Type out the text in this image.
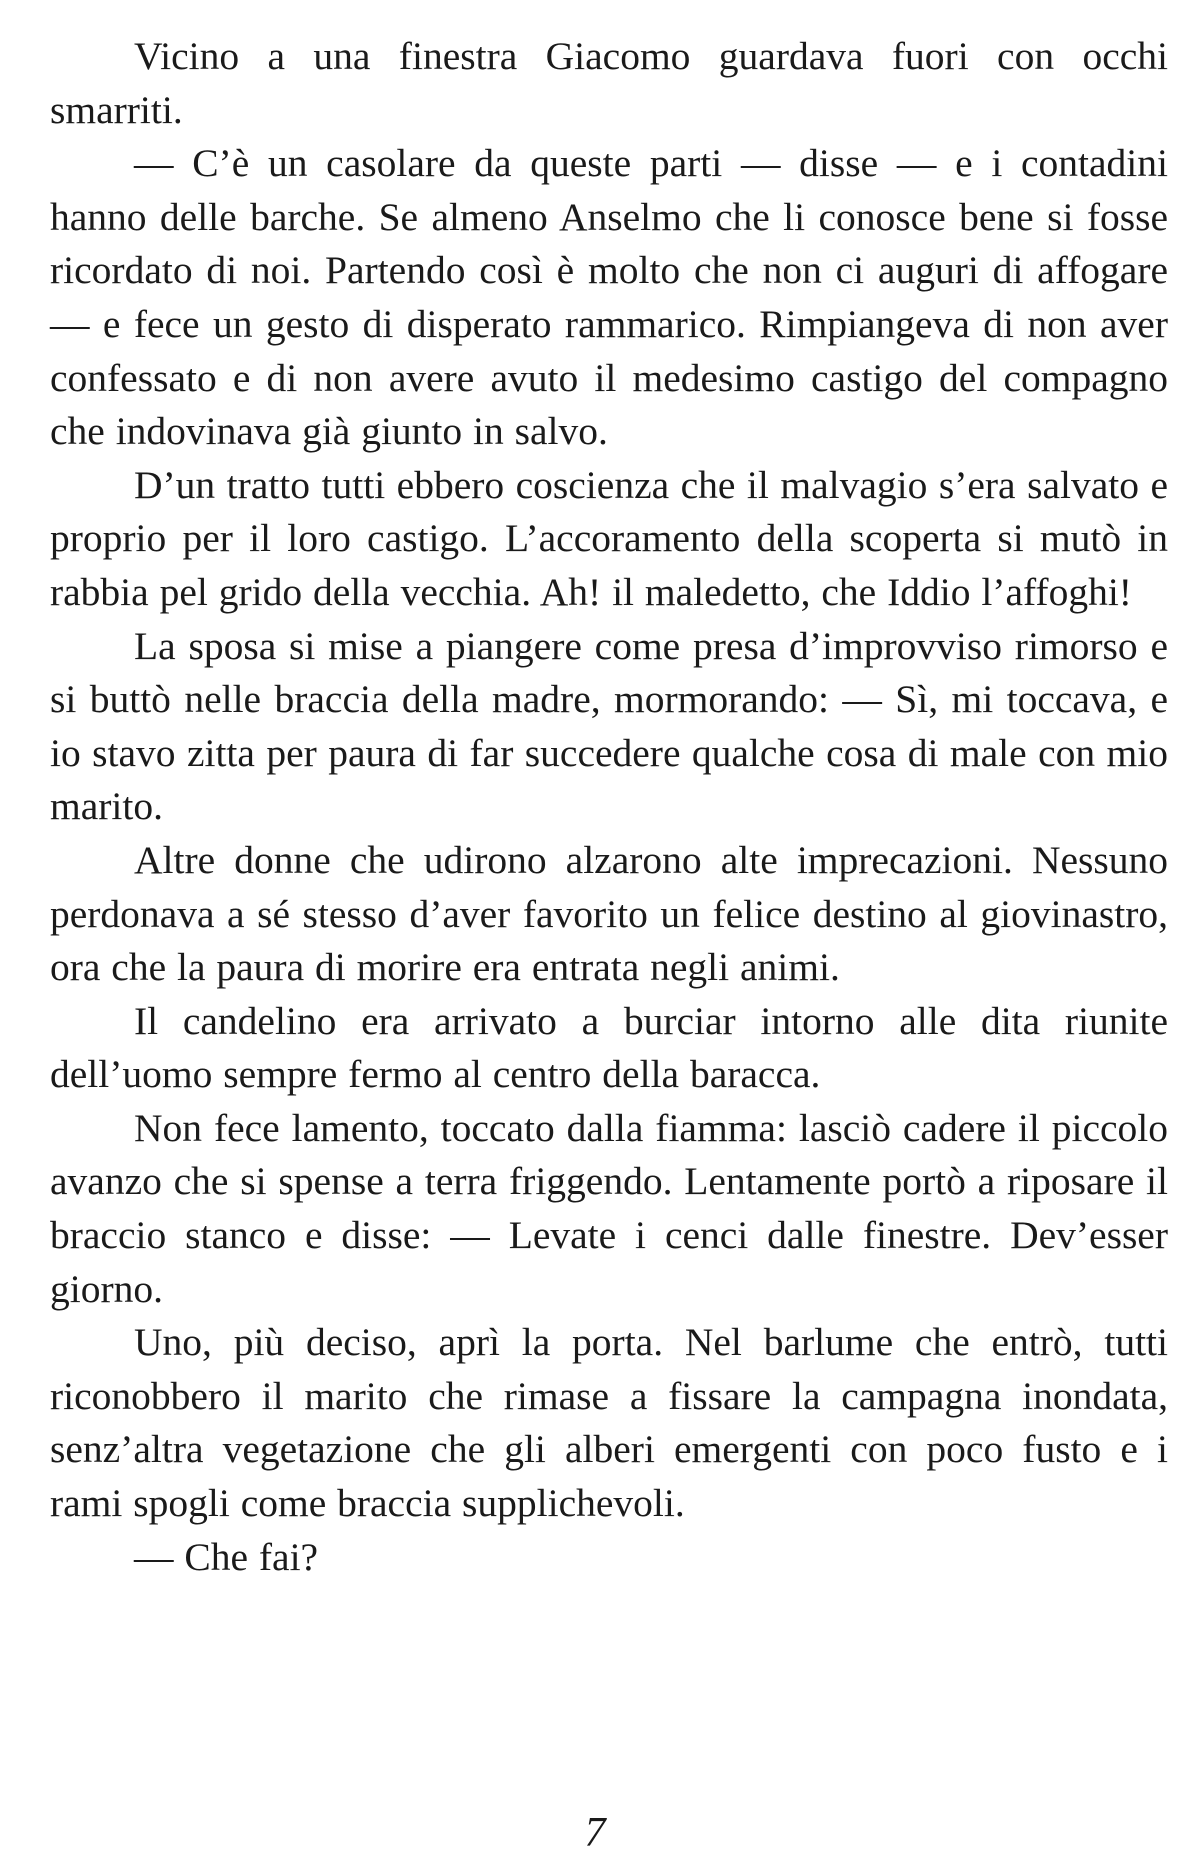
Vicino a una finestra Giacomo guardava fuori con occhi smarriti.

— C’è un casolare da queste parti — disse — e i contadini hanno delle barche. Se almeno Anselmo che li conosce bene si fosse ricordato di noi. Partendo così è molto che non ci auguri di affogare — e fece un gesto di disperato rammarico. Rimpiangeva di non aver confessato e di non avere avuto il medesimo castigo del compagno che indovinava già giunto in salvo.

D’un tratto tutti ebbero coscienza che il malvagio s’era salvato e proprio per il loro castigo. L’accoramento della scoperta si mutò in rabbia pel grido della vecchia. Ah! il maledetto, che Iddio l’affoghi!

La sposa si mise a piangere come presa d’improvviso rimorso e si buttò nelle braccia della madre, mormorando: — Sì, mi toccava, e io stavo zitta per paura di far succedere qualche cosa di male con mio marito.

Altre donne che udirono alzarono alte imprecazioni. Nessuno perdonava a sé stesso d’aver favorito un felice destino al giovinastro, ora che la paura di morire era entrata negli animi.

Il candelino era arrivato a burciar intorno alle dita riunite dell’uomo sempre fermo al centro della baracca.

Non fece lamento, toccato dalla fiamma: lasciò cadere il piccolo avanzo che si spense a terra friggendo. Lentamente portò a riposare il braccio stanco e disse: — Levate i cenci dalle finestre. Dev’esser giorno.

Uno, più deciso, aprì la porta. Nel barlume che entrò, tutti riconobbero il marito che rimase a fissare la campagna inondata, senz’altra vegetazione che gli alberi emergenti con poco fusto e i rami spogli come braccia supplichevoli.

— Che fai?

7
